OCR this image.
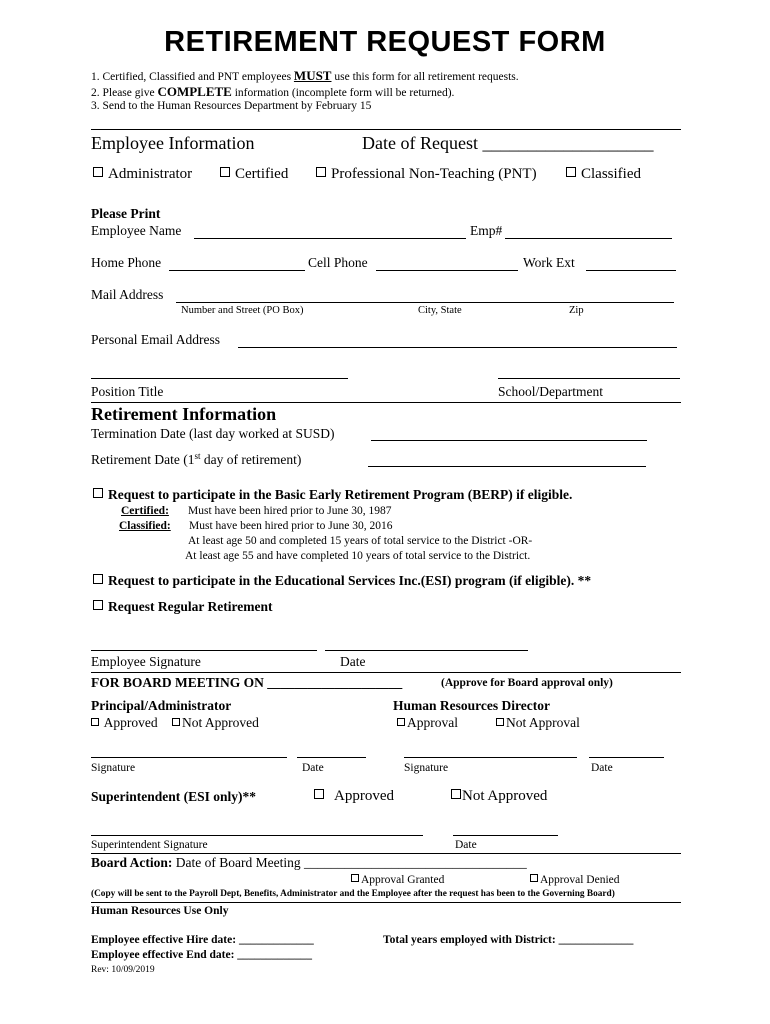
RETIREMENT REQUEST FORM
1. Certified, Classified and PNT employees MUST use this form for all retirement requests.
2. Please give COMPLETE information (incomplete form will be returned).
3. Send to the Human Resources Department by February 15
Employee Information	Date of Request ___________________
Administrator	Certified	Professional Non-Teaching (PNT)	Classified
Please Print
Employee Name	Emp#
Home Phone	Cell Phone	Work Ext
Mail Address
Number and Street (PO Box)	City, State	Zip
Personal Email Address
Position Title	School/Department
Retirement Information
Termination Date (last day worked at SUSD)
Retirement Date (1st day of retirement)
Request to participate in the Basic Early Retirement Program (BERP) if eligible.
Certified: Must have been hired prior to June 30, 1987
Classified: Must have been hired prior to June 30, 2016
At least age 50 and completed 15 years of total service to the District -OR-
At least age 55 and have completed 10 years of total service to the District.
Request to participate in the Educational Services Inc.(ESI) program (if eligible). **
Request Regular Retirement
Employee Signature	Date
FOR BOARD MEETING ON ____________________	(Approve for Board approval only)
Principal/Administrator
Approved	Not Approved
Human Resources Director
Approval	Not Approval
Signature	Date	Signature	Date
Superintendent (ESI only)**	Approved	Not Approved
Superintendent Signature	Date
Board Action: Date of Board Meeting _________________________________
Approval Granted	Approval Denied
(Copy will be sent to the Payroll Dept, Benefits, Administrator and the Employee after the request has been to the Governing Board)
Human Resources Use Only
Employee effective Hire date: _____________
Employee effective End date: _____________
Total years employed with District: _____________
Rev: 10/09/2019
